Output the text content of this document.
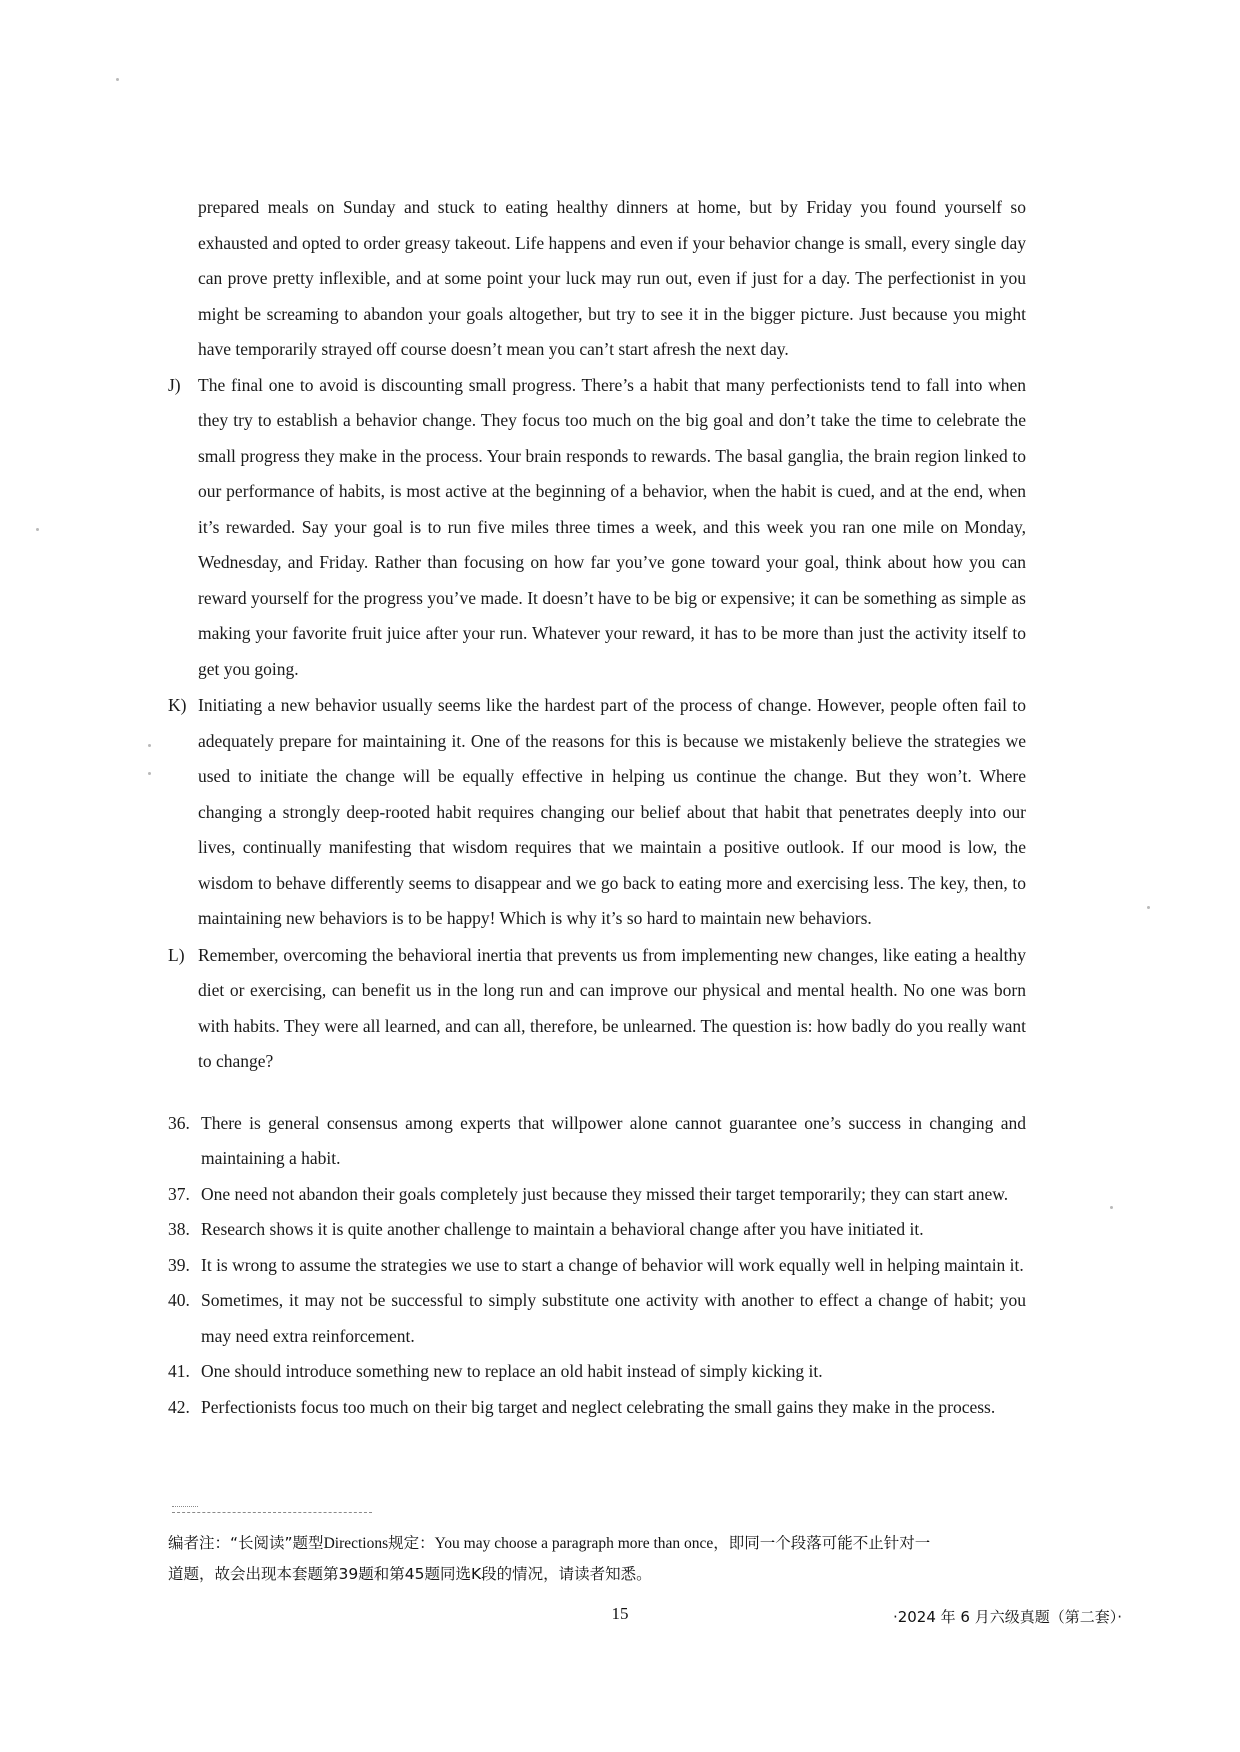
prepared meals on Sunday and stuck to eating healthy dinners at home, but by Friday you found yourself so exhausted and opted to order greasy takeout. Life happens and even if your behavior change is small, every single day can prove pretty inflexible, and at some point your luck may run out, even if just for a day. The perfectionist in you might be screaming to abandon your goals altogether, but try to see it in the bigger picture. Just because you might have temporarily strayed off course doesn’t mean you can’t start afresh the next day.
J) The final one to avoid is discounting small progress. There’s a habit that many perfectionists tend to fall into when they try to establish a behavior change. They focus too much on the big goal and don’t take the time to celebrate the small progress they make in the process. Your brain responds to rewards. The basal ganglia, the brain region linked to our performance of habits, is most active at the beginning of a behavior, when the habit is cued, and at the end, when it’s rewarded. Say your goal is to run five miles three times a week, and this week you ran one mile on Monday, Wednesday, and Friday. Rather than focusing on how far you’ve gone toward your goal, think about how you can reward yourself for the progress you’ve made. It doesn’t have to be big or expensive; it can be something as simple as making your favorite fruit juice after your run. Whatever your reward, it has to be more than just the activity itself to get you going.
K) Initiating a new behavior usually seems like the hardest part of the process of change. However, people often fail to adequately prepare for maintaining it. One of the reasons for this is because we mistakenly believe the strategies we used to initiate the change will be equally effective in helping us continue the change. But they won’t. Where changing a strongly deep-rooted habit requires changing our belief about that habit that penetrates deeply into our lives, continually manifesting that wisdom requires that we maintain a positive outlook. If our mood is low, the wisdom to behave differently seems to disappear and we go back to eating more and exercising less. The key, then, to maintaining new behaviors is to be happy! Which is why it’s so hard to maintain new behaviors.
L) Remember, overcoming the behavioral inertia that prevents us from implementing new changes, like eating a healthy diet or exercising, can benefit us in the long run and can improve our physical and mental health. No one was born with habits. They were all learned, and can all, therefore, be unlearned. The question is: how badly do you really want to change?
36. There is general consensus among experts that willpower alone cannot guarantee one’s success in changing and maintaining a habit.
37. One need not abandon their goals completely just because they missed their target temporarily; they can start anew.
38. Research shows it is quite another challenge to maintain a behavioral change after you have initiated it.
39. It is wrong to assume the strategies we use to start a change of behavior will work equally well in helping maintain it.
40. Sometimes, it may not be successful to simply substitute one activity with another to effect a change of habit; you may need extra reinforcement.
41. One should introduce something new to replace an old habit instead of simply kicking it.
42. Perfectionists focus too much on their big target and neglect celebrating the small gains they make in the process.
编者注：“长阅读”题型Directions规定：You may choose a paragraph more than once，即同一个段落可能不止针对一
道题，故会出现本套题第39题和第45题同选K段的情况，请读者知悉。
15	·2024 年 6 月六级真题（第二套）·
